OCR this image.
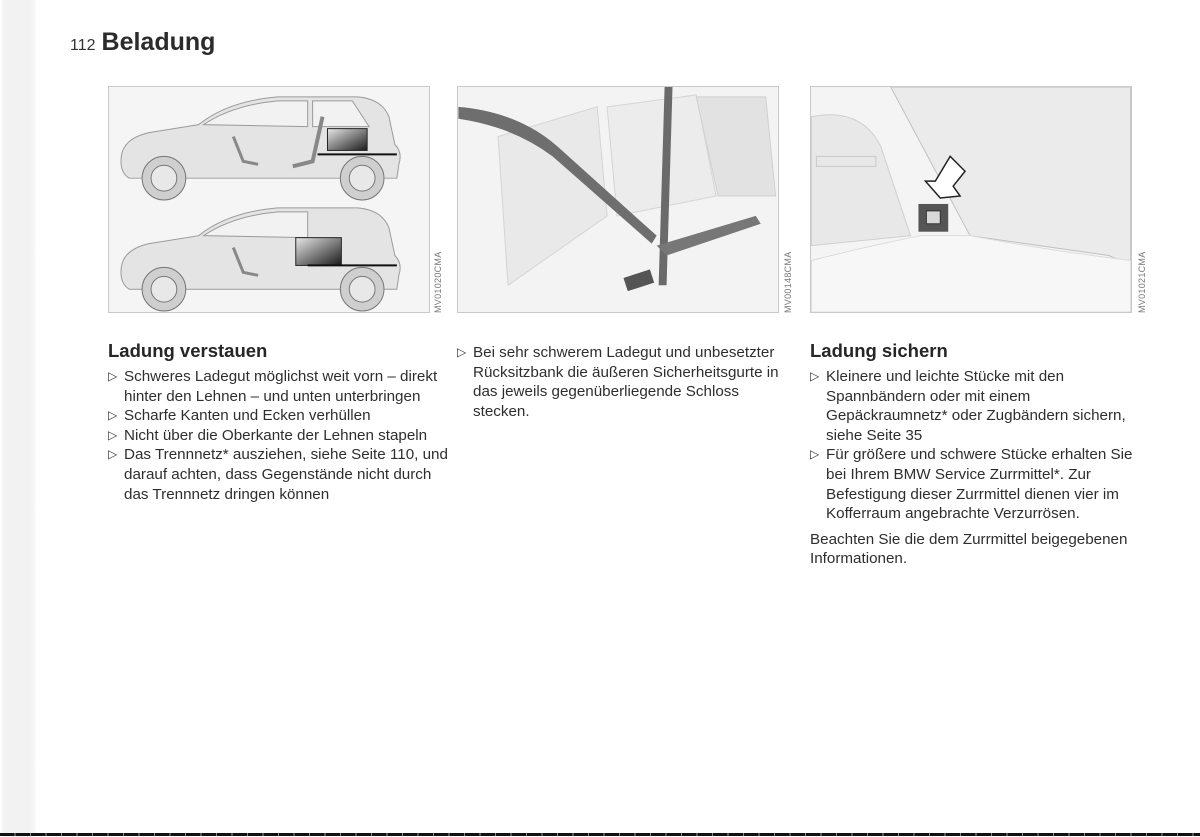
112 Beladung
MV01020CMA	MV00148CMA	MV01021CMA
Ladung verstauen
▷ Schweres Ladegut möglichst weit vorn – direkt hinter den Lehnen – und unten unterbringen
▷ Scharfe Kanten und Ecken verhüllen
▷ Nicht über die Oberkante der Lehnen stapeln
▷ Das Trennnetz* ausziehen, siehe Seite 110, und darauf achten, dass Gegenstände nicht durch das Trennnetz dringen können
▷ Bei sehr schwerem Ladegut und unbesetzter Rücksitzbank die äußeren Sicherheitsgurte in das jeweils gegenüberliegende Schloss stecken.
Ladung sichern
▷ Kleinere und leichte Stücke mit den Spannbändern oder mit einem Gepäckraumnetz* oder Zugbändern sichern, siehe Seite 35
▷ Für größere und schwere Stücke erhalten Sie bei Ihrem BMW Service Zurrmittel*. Zur Befestigung dieser Zurrmittel dienen vier im Kofferraum angebrachte Verzurrösen.

Beachten Sie die dem Zurrmittel beigegebenen Informationen.
